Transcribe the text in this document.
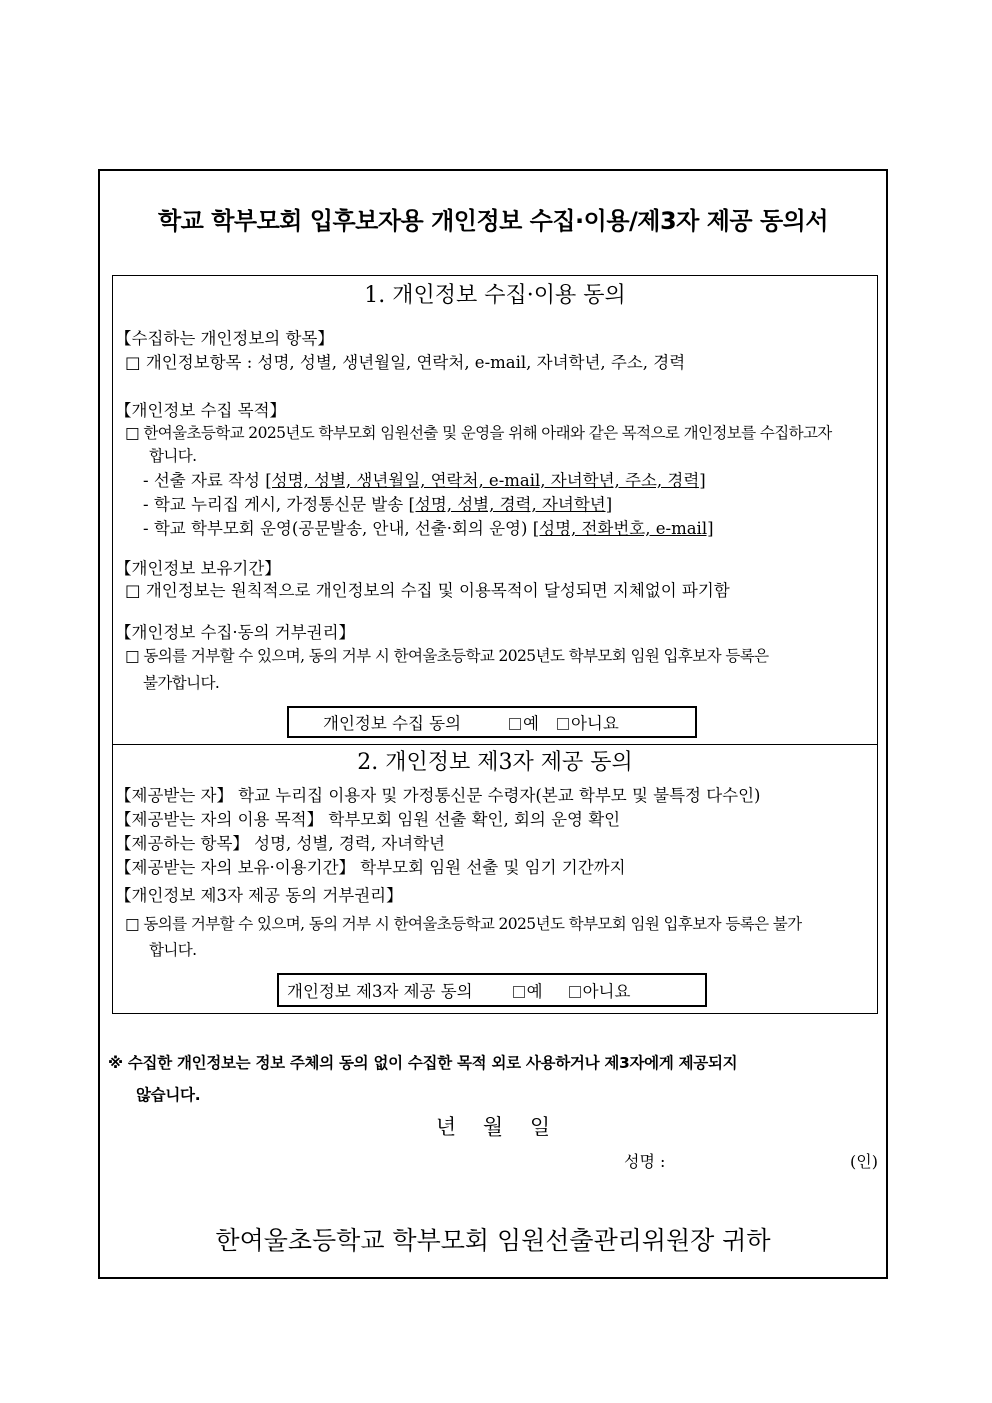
학교 학부모회 입후보자용 개인정보 수집·이용/제3자 제공 동의서
1. 개인정보 수집·이용 동의
【수집하는 개인정보의 항목】
□ 개인정보항목 : 성명, 성별, 생년월일, 연락처, e-mail, 자녀학년, 주소, 경력
【개인정보 수집 목적】
□ 한여울초등학교 2025년도 학부모회 임원선출 및 운영을 위해 아래와 같은 목적으로 개인정보를 수집하고자
합니다.
- 선출 자료 작성 [성명, 성별, 생년월일, 연락처, e-mail, 자녀학년, 주소, 경력]
- 학교 누리집 게시, 가정통신문 발송 [성명, 성별, 경력, 자녀학년]
- 학교 학부모회 운영(공문발송, 안내, 선출·회의 운영) [성명, 전화번호, e-mail]
【개인정보 보유기간】
□ 개인정보는 원칙적으로 개인정보의 수집 및 이용목적이 달성되면 지체없이 파기함
【개인정보 수집·동의 거부권리】
□ 동의를 거부할 수 있으며, 동의 거부 시 한여울초등학교 2025년도 학부모회 임원 입후보자 등록은
불가합니다.
개인정보 수집 동의	예	아니요
2. 개인정보 제3자 제공 동의
【제공받는 자】 학교 누리집 이용자 및 가정통신문 수령자(본교 학부모 및 불특정 다수인)
【제공받는 자의 이용 목적】 학부모회 임원 선출 확인, 회의 운영 확인
【제공하는 항목】 성명, 성별, 경력, 자녀학년
【제공받는 자의 보유·이용기간】 학부모회 임원 선출 및 임기 기간까지
【개인정보 제3자 제공 동의 거부권리】
□ 동의를 거부할 수 있으며, 동의 거부 시 한여울초등학교 2025년도 학부모회 임원 입후보자 등록은 불가
합니다.
개인정보 제3자 제공 동의	예	아니요
※ 수집한 개인정보는 정보 주체의 동의 없이 수집한 목적 외로 사용하거나 제3자에게 제공되지
않습니다.
년 월 일
성명 :	(인)
한여울초등학교 학부모회 임원선출관리위원장 귀하
